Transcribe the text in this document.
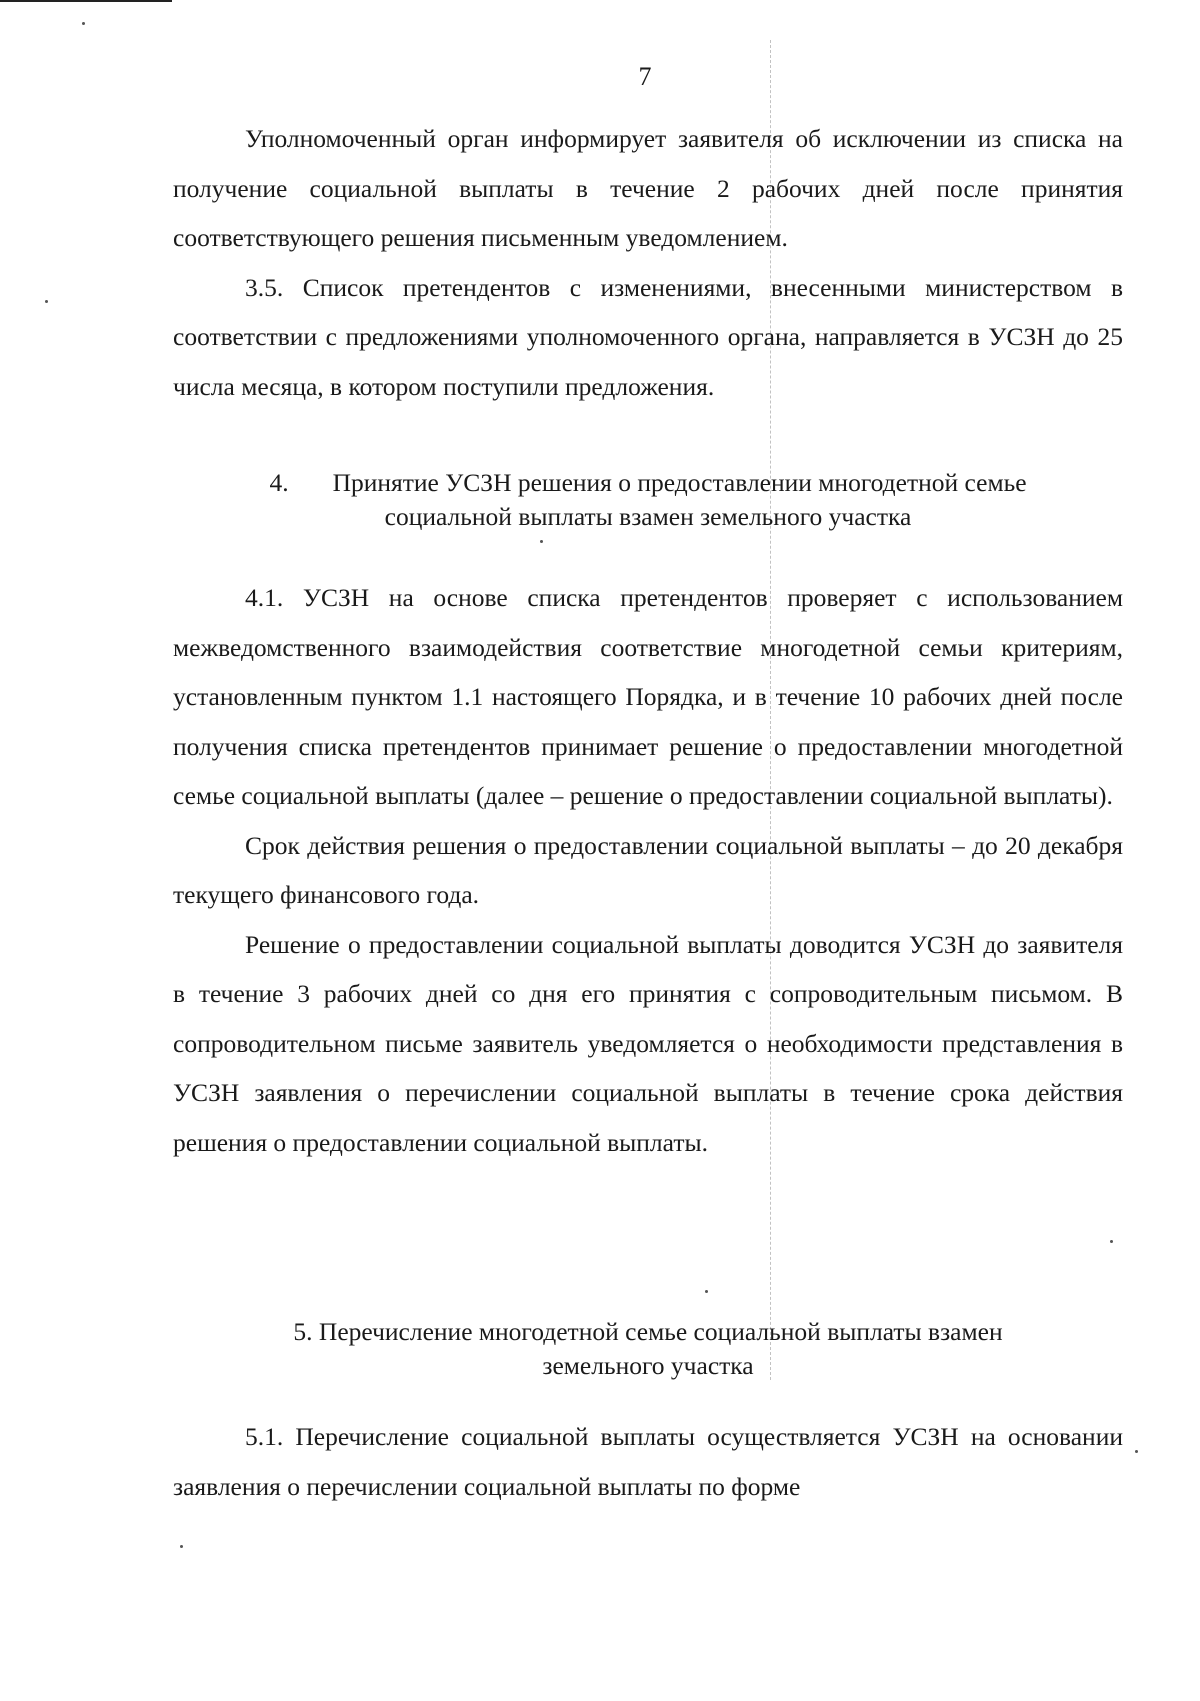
7

Уполномоченный орган информирует заявителя об исключении из списка на получение социальной выплаты в течение 2 рабочих дней после принятия соответствующего решения письменным уведомлением.

3.5. Список претендентов с изменениями, внесенными министерством в соответствии с предложениями уполномоченного органа, направляется в УСЗН до 25 числа месяца, в котором поступили предложения.

4. Принятие УСЗН решения о предоставлении многодетной семье
социальной выплаты взамен земельного участка

4.1. УСЗН на основе списка претендентов проверяет с использованием межведомственного взаимодействия соответствие многодетной семьи критериям, установленным пунктом 1.1 настоящего Порядка, и в течение 10 рабочих дней после получения списка претендентов принимает решение о предоставлении многодетной семье социальной выплаты (далее – решение о предоставлении социальной выплаты).

Срок действия решения о предоставлении социальной выплаты – до 20 декабря текущего финансового года.

Решение о предоставлении социальной выплаты доводится УСЗН до заявителя в течение 3 рабочих дней со дня его принятия с сопроводительным письмом. В сопроводительном письме заявитель уведомляется о необходимости представления в УСЗН заявления о перечислении социальной выплаты в течение срока действия решения о предоставлении социальной выплаты.

5. Перечисление многодетной семье социальной выплаты взамен
земельного участка

5.1. Перечисление социальной выплаты осуществляется УСЗН на основании заявления о перечислении социальной выплаты по форме
